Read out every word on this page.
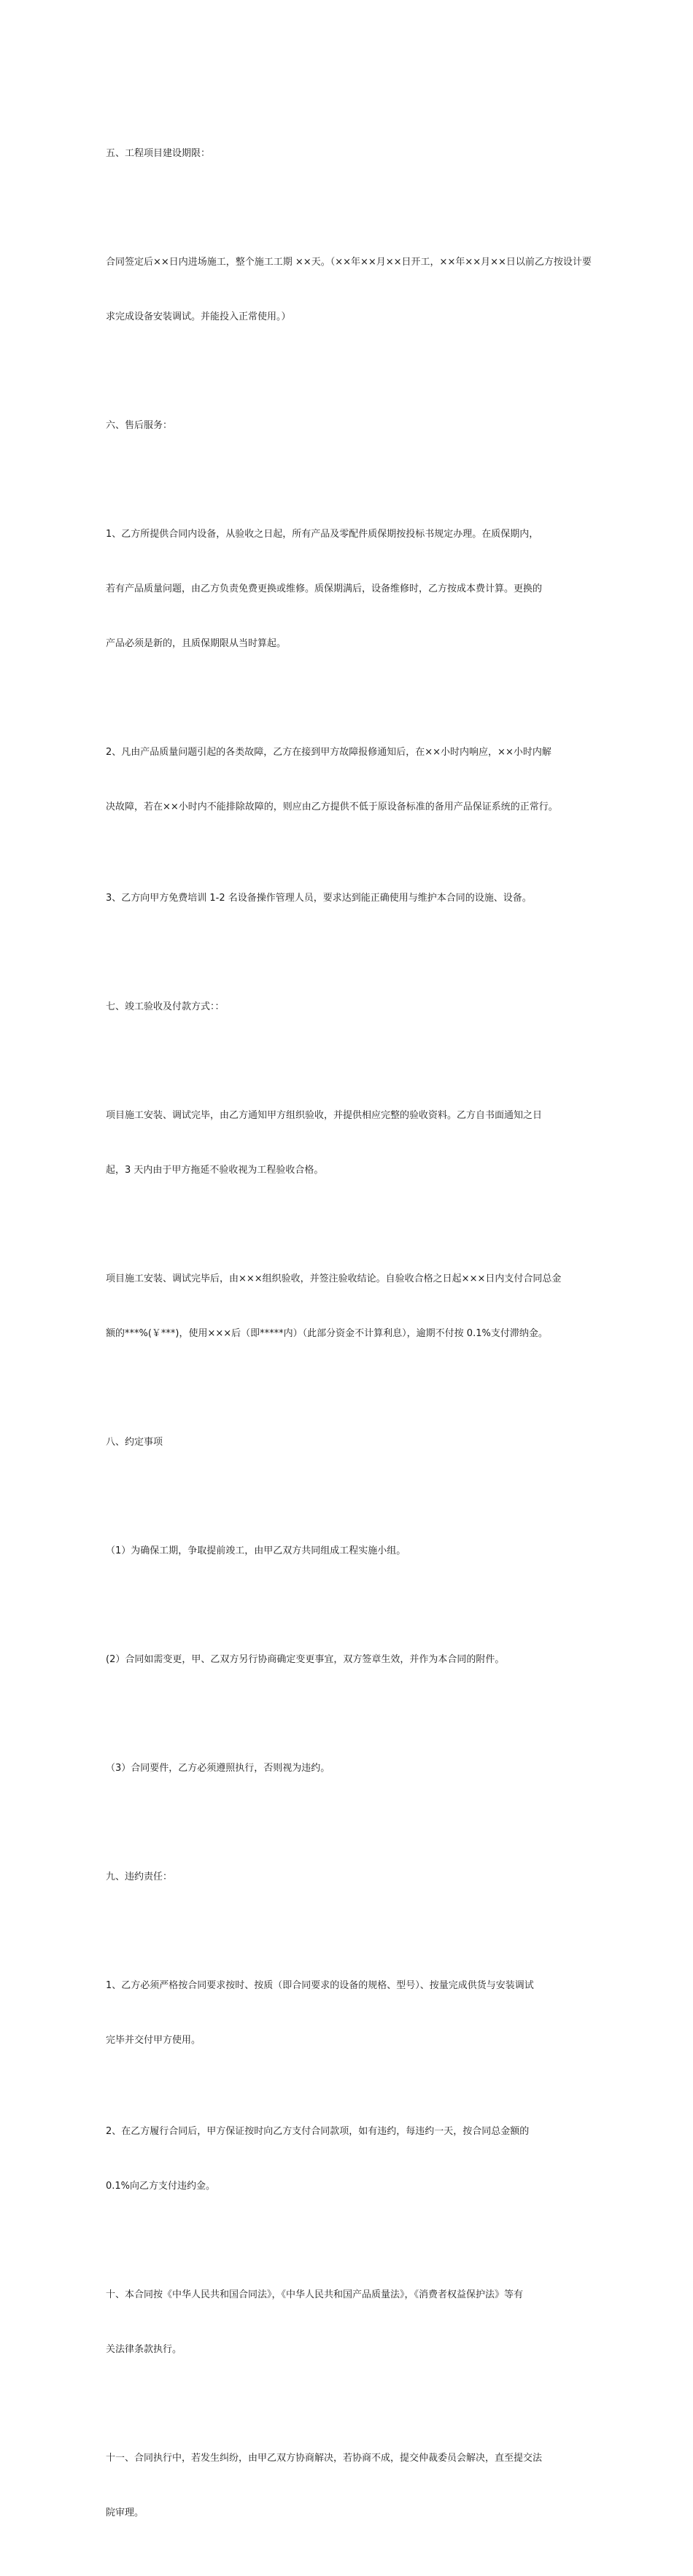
五、工程项目建设期限：

合同签定后××日内进场施工，整个施工工期 ××天。（××年××月××日开工，××年××月××日以前乙方按设计要

求完成设备安装调试。并能投入正常使用。）

六、售后服务：

1、乙方所提供合同内设备，从验收之日起，所有产品及零配件质保期按投标书规定办理。在质保期内，

若有产品质量问题，由乙方负责免费更换或维修。质保期满后，设备维修时，乙方按成本费计算。更换的

产品必须是新的，且质保期限从当时算起。

2、凡由产品质量问题引起的各类故障，乙方在接到甲方故障报修通知后，在××小时内响应，××小时内解

决故障，若在××小时内不能排除故障的，则应由乙方提供不低于原设备标准的备用产品保证系统的正常行。

3、乙方向甲方免费培训 1-2 名设备操作管理人员，要求达到能正确使用与维护本合同的设施、设备。

七、竣工验收及付款方式：：

项目施工安装、调试完毕，由乙方通知甲方组织验收，并提供相应完整的验收资料。乙方自书面通知之日

起，3 天内由于甲方拖延不验收视为工程验收合格。

项目施工安装、调试完毕后，由×××组织验收，并签注验收结论。自验收合格之日起×××日内支付合同总金

额的***%(￥***)，使用×××后（即*****内）（此部分资金不计算利息），逾期不付按 0.1%支付滞纳金。

八、约定事项

（1）为确保工期，争取提前竣工，由甲乙双方共同组成工程实施小组。

(2）合同如需变更，甲、乙双方另行协商确定变更事宜，双方签章生效，并作为本合同的附件。

（3）合同要件，乙方必须遵照执行，否则视为违约。

九、违约责任：

1、乙方必须严格按合同要求按时、按质（即合同要求的设备的规格、型号）、按量完成供货与安装调试

完毕并交付甲方使用。

2、在乙方履行合同后，甲方保证按时向乙方支付合同款项，如有违约，每违约一天，按合同总金额的

0.1%向乙方支付违约金。

十、本合同按《中华人民共和国合同法》，《中华人民共和国产品质量法》，《消费者权益保护法》等有

关法律条款执行。

十一、合同执行中，若发生纠纷，由甲乙双方协商解决，若协商不成，提交仲裁委员会解决，直至提交法

院审理。
